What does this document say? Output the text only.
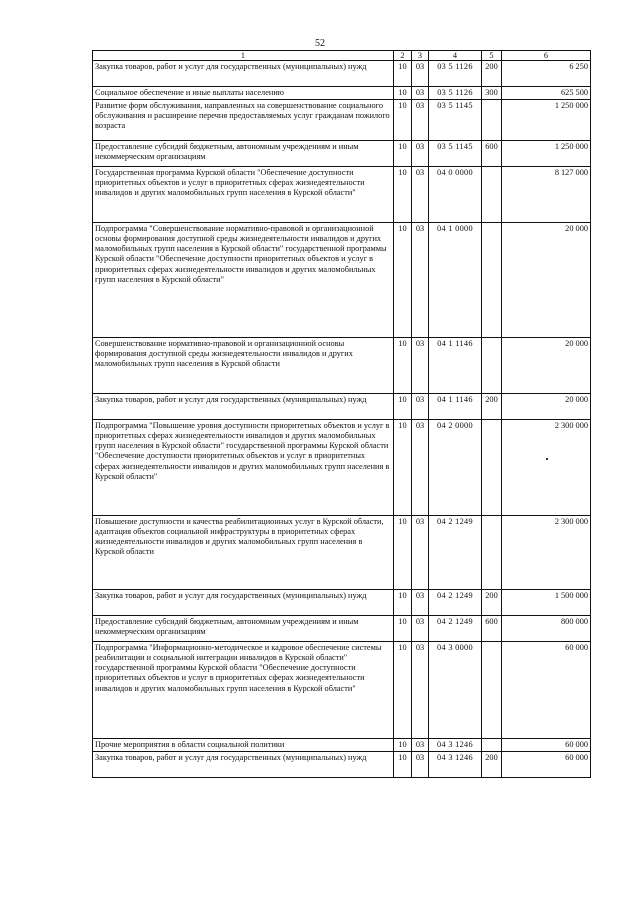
52
1	2	3	4	5	6
Закупка товаров, работ и услуг для государственных (муниципальных) нужд	10	03	03 5 1126	200	6 250
Социальное обеспечение и иные выплаты населению	10	03	03 5 1126	300	625 500
Развитие форм обслуживания, направленных на совершенствование социального обслуживания и расширение перечня предоставляемых услуг гражданам пожилого возраста	10	03	03 5 1145		1 250 000
Предоставление субсидий бюджетным, автономным учреждениям и иным некоммерческим организациям	10	03	03 5 1145	600	1 250 000
Государственная программа Курской области "Обеспечение доступности приоритетных объектов и услуг в приоритетных сферах жизнедеятельности инвалидов и других маломобильных групп населения в Курской области"	10	03	04 0 0000		8 127 000
Подпрограмма "Совершенствование нормативно-правовой и организационной основы формирования доступной среды жизнедеятельности инвалидов и других маломобильных групп населения в Курской области" государственной программы Курской области "Обеспечение доступности приоритетных объектов и услуг в приоритетных сферах жизнедеятельности инвалидов и других маломобильных групп населения в Курской области"	10	03	04 1 0000		20 000
Совершенствование нормативно-правовой и организационной основы формирования доступной среды жизнедеятельности инвалидов и других маломобильных групп населения в Курской области	10	03	04 1 1146		20 000
Закупка товаров, работ и услуг для государственных (муниципальных) нужд	10	03	04 1 1146	200	20 000
Подпрограмма "Повышение уровня доступности приоритетных объектов и услуг в приоритетных сферах жизнедеятельности инвалидов и других маломобильных групп населения в Курской области" государственной программы Курской области "Обеспечение доступности приоритетных объектов и услуг в приоритетных сферах жизнедеятельности инвалидов и других маломобильных групп населения в Курской области"	10	03	04 2 0000		2 300 000
Повышение доступности и качества реабилитационных услуг в Курской области, адаптация объектов социальной инфраструктуры в приоритетных сферах жизнедеятельности инвалидов и других маломобильных групп населения в Курской области	10	03	04 2 1249		2 300 000
Закупка товаров, работ и услуг для государственных (муниципальных) нужд	10	03	04 2 1249	200	1 500 000
Предоставление субсидий бюджетным, автономным учреждениям и иным некоммерческим организациям	10	03	04 2 1249	600	800 000
Подпрограмма "Информационно-методическое и кадровое обеспечение системы реабилитации и социальной интеграции инвалидов в Курской области" государственной программы Курской области "Обеспечение доступности приоритетных объектов и услуг в приоритетных сферах жизнедеятельности инвалидов и других маломобильных групп населения в Курской области"	10	03	04 3 0000		60 000
Прочие мероприятия в области социальной политики	10	03	04 3 1246		60 000
Закупка товаров, работ и услуг для государственных (муниципальных) нужд	10	03	04 3 1246	200	60 000
